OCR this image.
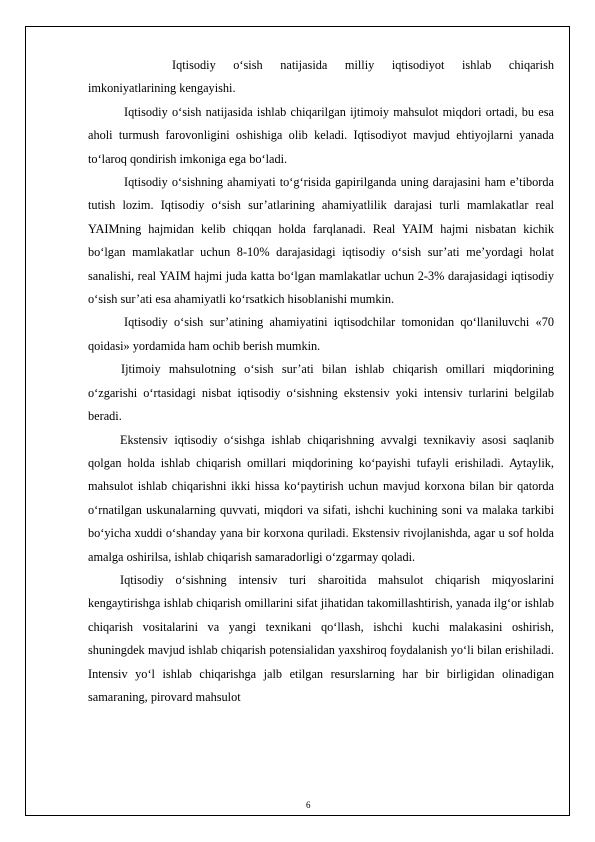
Iqtisodiy o‘sish natijasida milliy iqtisodiyot ishlab chiqarish imkoniyatlarining kengayishi.

Iqtisodiy o‘sish natijasida ishlab chiqarilgan ijtimoiy mahsulot miqdori ortadi, bu esa aholi turmush farovonligini oshishiga olib keladi. Iqtisodiyot mavjud ehtiyojlarni yanada to‘laroq qondirish imkoniga ega bo‘ladi.

Iqtisodiy o‘sishning ahamiyati to‘g‘risida gapirilganda uning darajasini ham e’tiborda tutish lozim. Iqtisodiy o‘sish sur’atlarining ahamiyatlilik darajasi turli mamlakatlar real YAIMning hajmidan kelib chiqqan holda farqlanadi. Real YAIM hajmi nisbatan kichik bo‘lgan mamlakatlar uchun 8-10% darajasidagi iqtisodiy o‘sish sur’ati me’yordagi holat sanalishi, real YAIM hajmi juda katta bo‘lgan mamlakatlar uchun 2-3% darajasidagi iqtisodiy o‘sish sur’ati esa ahamiyatli ko‘rsatkich hisoblanishi mumkin.

Iqtisodiy o‘sish sur’atining ahamiyatini iqtisodchilar tomonidan qo‘llaniluvchi «70 qoidasi» yordamida ham ochib berish mumkin.

Ijtimoiy mahsulotning o‘sish sur’ati bilan ishlab chiqarish omillari miqdorining o‘zgarishi o‘rtasidagi nisbat iqtisodiy o‘sishning ekstensiv yoki intensiv turlarini belgilab beradi.

Ekstensiv iqtisodiy o‘sishga ishlab chiqarishning avvalgi texnikaviy asosi saqlanib qolgan holda ishlab chiqarish omillari miqdorining ko‘payishi tufayli erishiladi. Aytaylik, mahsulot ishlab chiqarishni ikki hissa ko‘paytirish uchun mavjud korxona bilan bir qatorda o‘rnatilgan uskunalarning quvvati, miqdori va sifati, ishchi kuchining soni va malaka tarkibi bo‘yicha xuddi o‘shanday yana bir korxona quriladi. Ekstensiv rivojlanishda, agar u sof holda amalga oshirilsa, ishlab chiqarish samaradorligi o‘zgarmay qoladi.

Iqtisodiy o‘sishning intensiv turi sharoitida mahsulot chiqarish miqyoslarini kengaytirishga ishlab chiqarish omillarini sifat jihatidan takomillashtirish, yanada ilg‘or ishlab chiqarish vositalarini va yangi texnikani qo‘llash, ishchi kuchi malakasini oshirish, shuningdek mavjud ishlab chiqarish potensialidan yaxshiroq foydalanish yo‘li bilan erishiladi. Intensiv yo‘l ishlab chiqarishga jalb etilgan resurslarning har bir birligidan olinadigan samaraning, pirovard mahsulot

6
